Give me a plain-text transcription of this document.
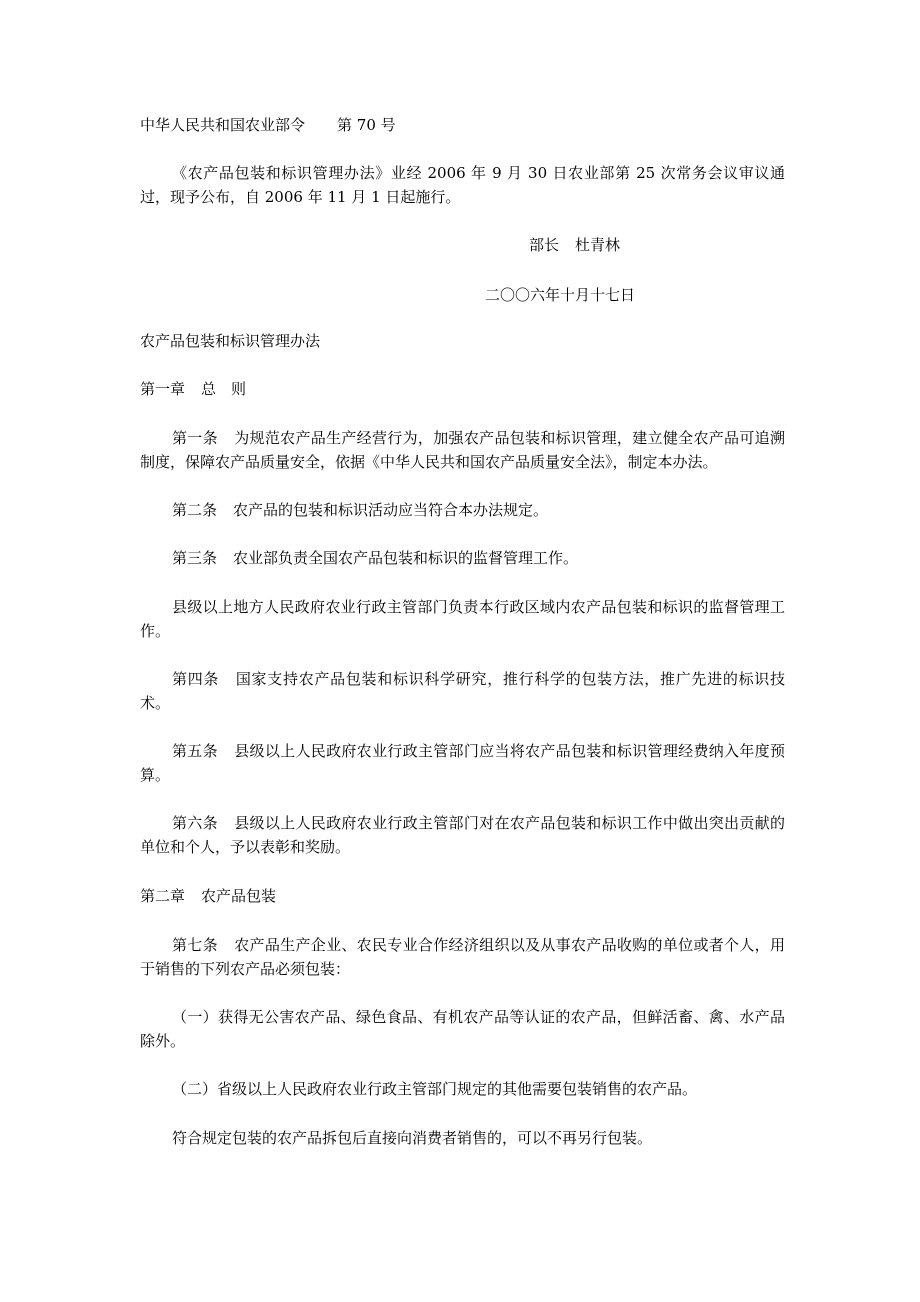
中华人民共和国农业部令 第 70 号
《农产品包装和标识管理办法》业经 2006 年 9 月 30 日农业部第 25 次常务会议审议通过，现予公布，自 2006 年 11 月 1 日起施行。
部长 杜青林
二〇〇六年十月十七日
农产品包装和标识管理办法
第一章 总　则
第一条 为规范农产品生产经营行为，加强农产品包装和标识管理，建立健全农产品可追溯制度，保障农产品质量安全，依据《中华人民共和国农产品质量安全法》，制定本办法。
第二条 农产品的包装和标识活动应当符合本办法规定。
第三条 农业部负责全国农产品包装和标识的监督管理工作。
县级以上地方人民政府农业行政主管部门负责本行政区域内农产品包装和标识的监督管理工作。
第四条 国家支持农产品包装和标识科学研究，推行科学的包装方法，推广先进的标识技术。
第五条 县级以上人民政府农业行政主管部门应当将农产品包装和标识管理经费纳入年度预算。
第六条 县级以上人民政府农业行政主管部门对在农产品包装和标识工作中做出突出贡献的单位和个人，予以表彰和奖励。
第二章 农产品包装
第七条 农产品生产企业、农民专业合作经济组织以及从事农产品收购的单位或者个人，用于销售的下列农产品必须包装：
（一）获得无公害农产品、绿色食品、有机农产品等认证的农产品，但鲜活畜、禽、水产品除外。
（二）省级以上人民政府农业行政主管部门规定的其他需要包装销售的农产品。
符合规定包装的农产品拆包后直接向消费者销售的，可以不再另行包装。
